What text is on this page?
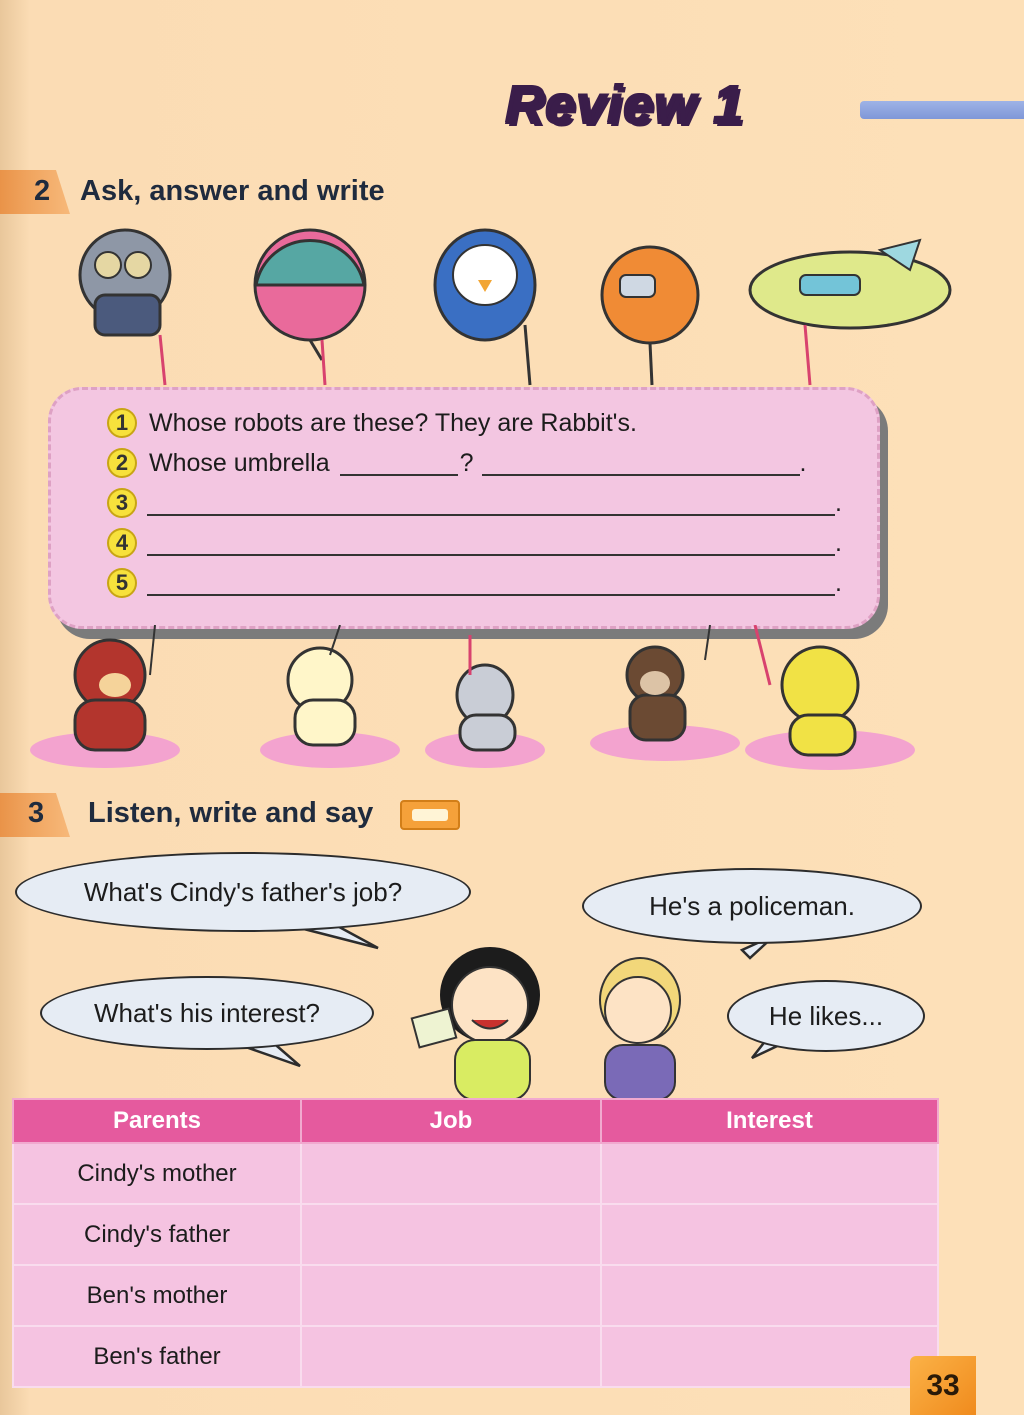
Review 1
2 Ask, answer and write
1 Whose robots are these? They are Rabbit's.
2 Whose umbrella	?	.
3	.
4	.
5	.
3 Listen, write and say
What's Cindy's father's job?	He's a policeman.
What's his interest?	He likes...
Parents	Job	Interest
Cindy's mother		
Cindy's father		
Ben's mother		
Ben's father		
33
